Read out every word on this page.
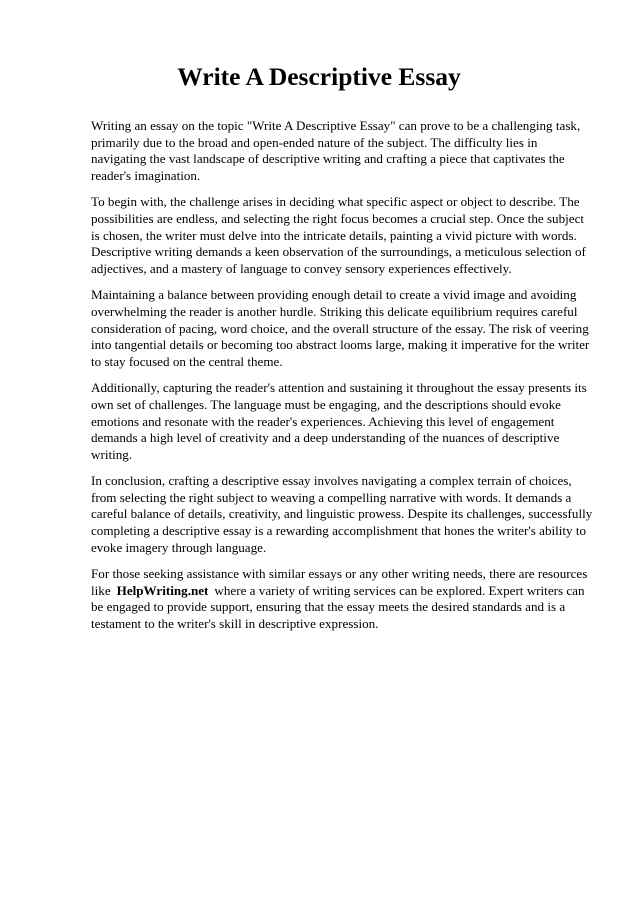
Write A Descriptive Essay

Writing an essay on the topic "Write A Descriptive Essay" can prove to be a challenging task, primarily due to the broad and open-ended nature of the subject. The difficulty lies in navigating the vast landscape of descriptive writing and crafting a piece that captivates the reader's imagination.

To begin with, the challenge arises in deciding what specific aspect or object to describe. The possibilities are endless, and selecting the right focus becomes a crucial step. Once the subject is chosen, the writer must delve into the intricate details, painting a vivid picture with words. Descriptive writing demands a keen observation of the surroundings, a meticulous selection of adjectives, and a mastery of language to convey sensory experiences effectively.

Maintaining a balance between providing enough detail to create a vivid image and avoiding overwhelming the reader is another hurdle. Striking this delicate equilibrium requires careful consideration of pacing, word choice, and the overall structure of the essay. The risk of veering into tangential details or becoming too abstract looms large, making it imperative for the writer to stay focused on the central theme.

Additionally, capturing the reader's attention and sustaining it throughout the essay presents its own set of challenges. The language must be engaging, and the descriptions should evoke emotions and resonate with the reader's experiences. Achieving this level of engagement demands a high level of creativity and a deep understanding of the nuances of descriptive writing.

In conclusion, crafting a descriptive essay involves navigating a complex terrain of choices, from selecting the right subject to weaving a compelling narrative with words. It demands a careful balance of details, creativity, and linguistic prowess. Despite its challenges, successfully completing a descriptive essay is a rewarding accomplishment that hones the writer's ability to evoke imagery through language.

For those seeking assistance with similar essays or any other writing needs, there are resources like HelpWriting.net where a variety of writing services can be explored. Expert writers can be engaged to provide support, ensuring that the essay meets the desired standards and is a testament to the writer's skill in descriptive expression.
